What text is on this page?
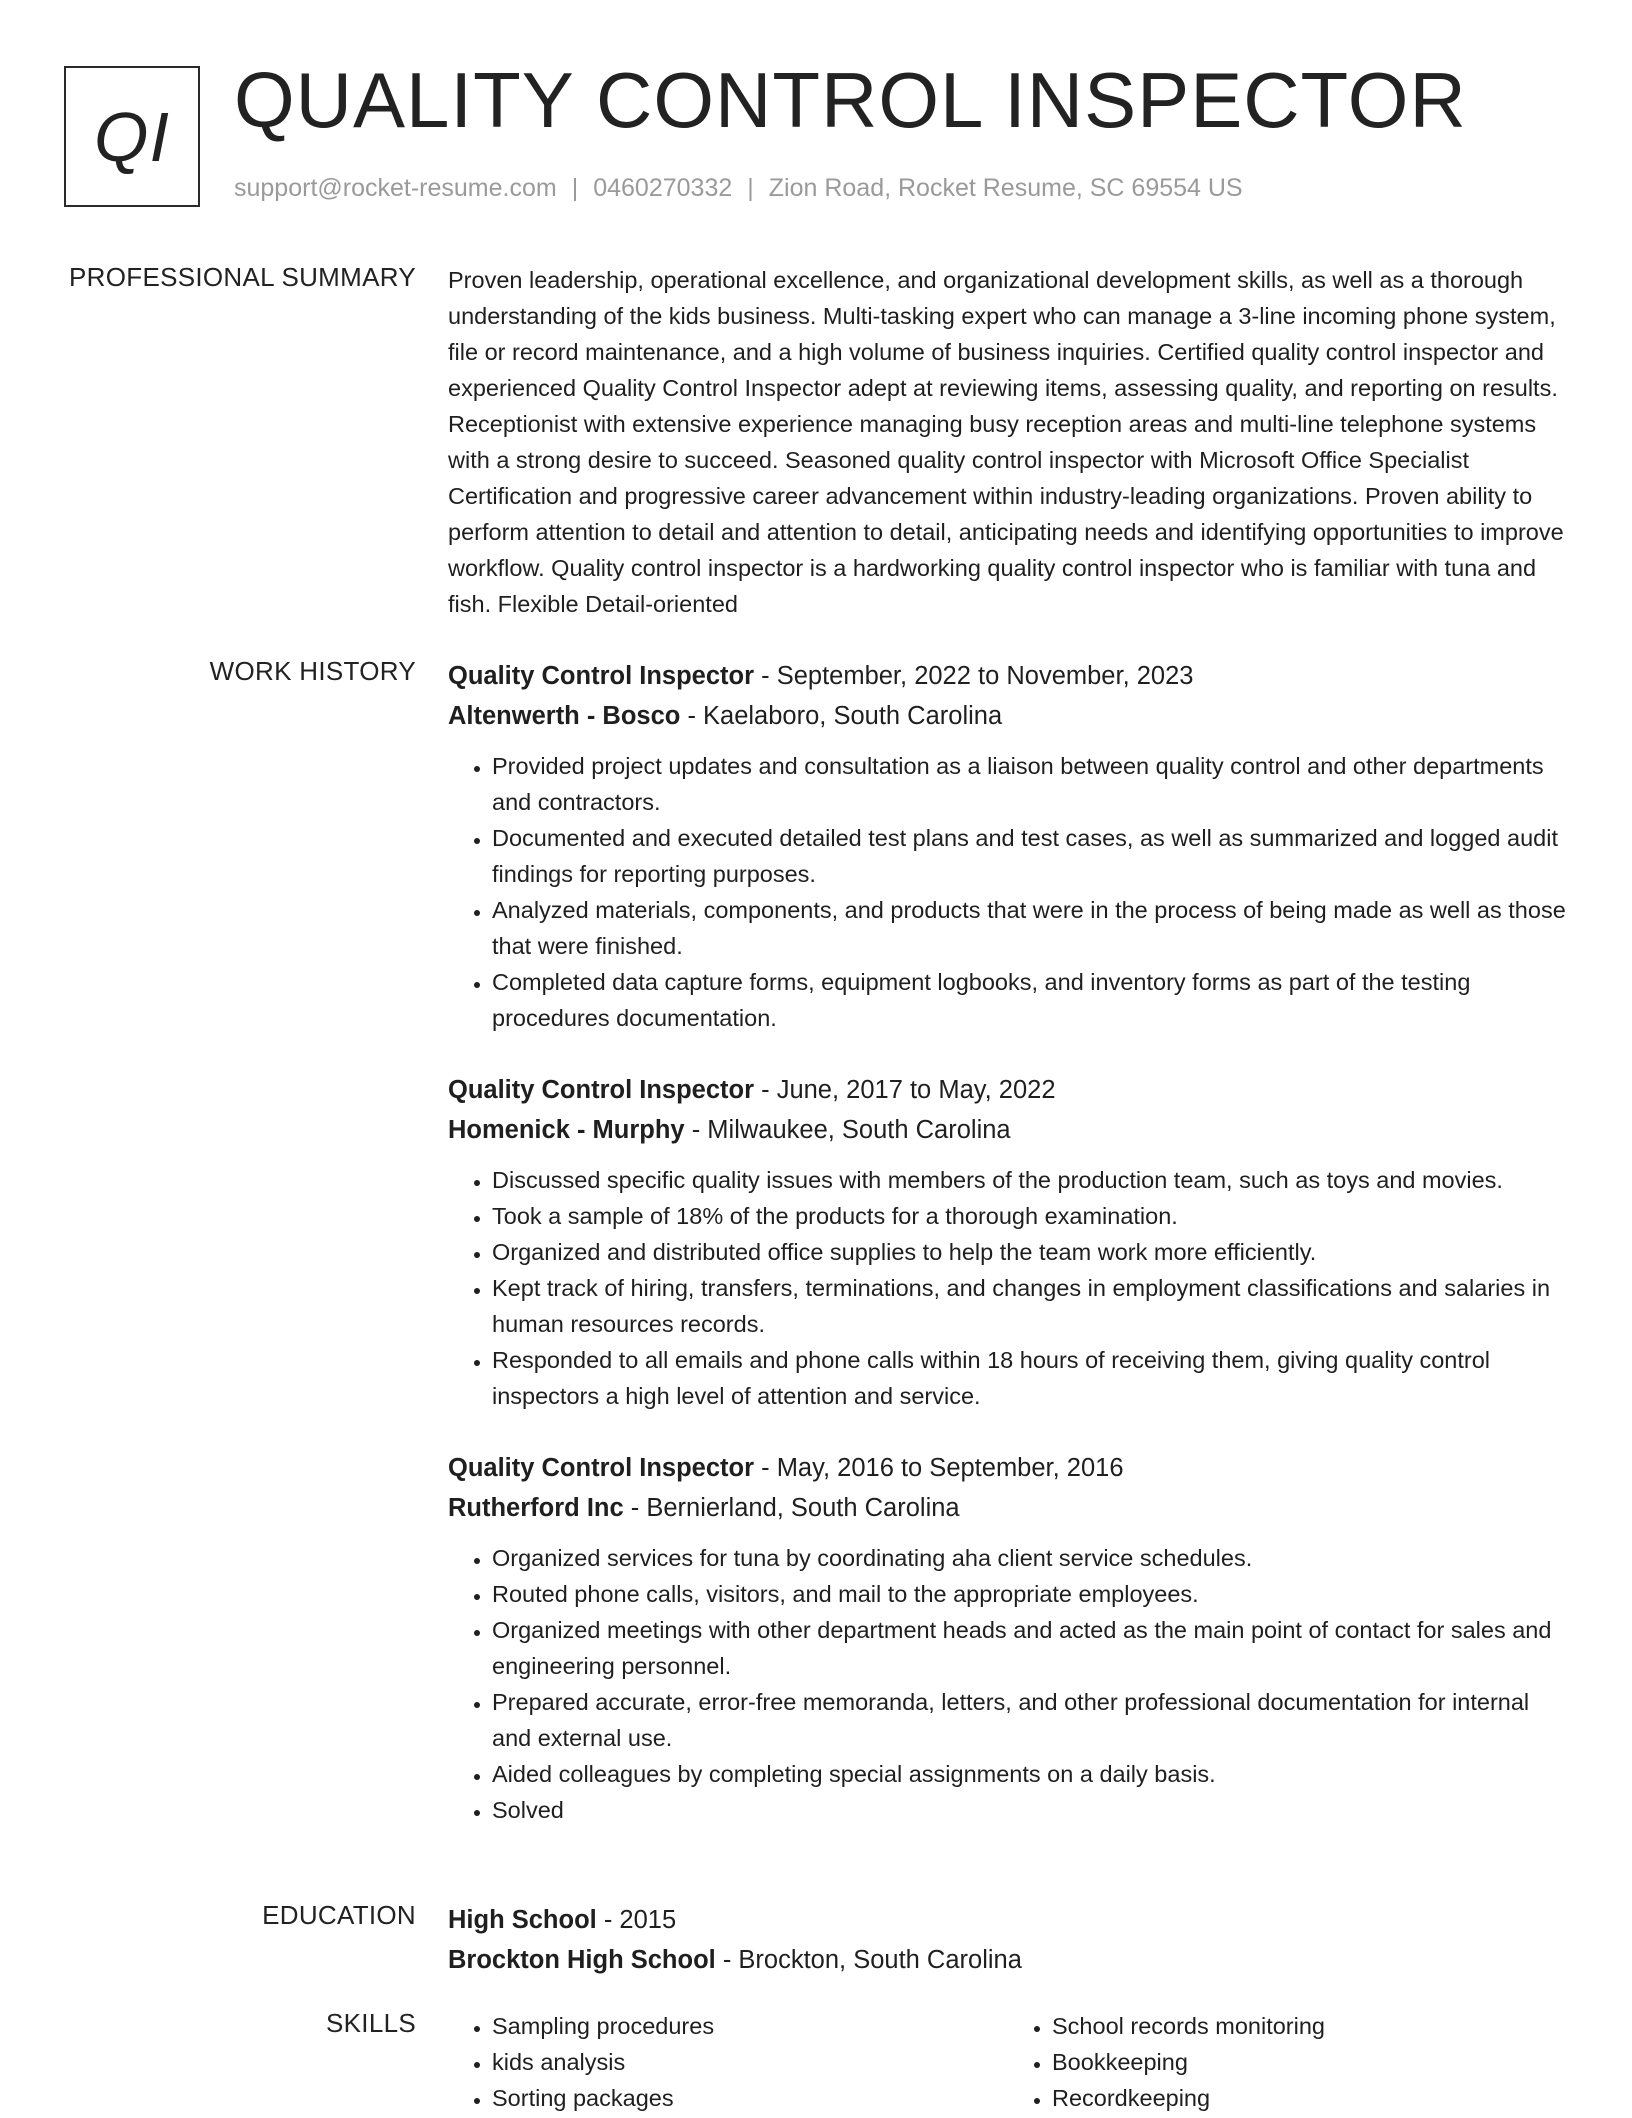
QI QUALITY CONTROL INSPECTOR
support@rocket-resume.com | 0460270332 | Zion Road, Rocket Resume, SC 69554 US
PROFESSIONAL SUMMARY Proven leadership, operational excellence, and organizational development skills, as well as a thorough understanding of the kids business. Multi-tasking expert who can manage a 3-line incoming phone system, file or record maintenance, and a high volume of business inquiries. Certified quality control inspector and experienced Quality Control Inspector adept at reviewing items, assessing quality, and reporting on results. Receptionist with extensive experience managing busy reception areas and multi-line telephone systems with a strong desire to succeed. Seasoned quality control inspector with Microsoft Office Specialist Certification and progressive career advancement within industry-leading organizations. Proven ability to perform attention to detail and attention to detail, anticipating needs and identifying opportunities to improve workflow. Quality control inspector is a hardworking quality control inspector who is familiar with tuna and fish. Flexible Detail-oriented
WORK HISTORY Quality Control Inspector - September, 2022 to November, 2023
Altenwerth - Bosco - Kaelaboro, South Carolina
• Provided project updates and consultation as a liaison between quality control and other departments and contractors.
• Documented and executed detailed test plans and test cases, as well as summarized and logged audit findings for reporting purposes.
• Analyzed materials, components, and products that were in the process of being made as well as those that were finished.
• Completed data capture forms, equipment logbooks, and inventory forms as part of the testing procedures documentation.
Quality Control Inspector - June, 2017 to May, 2022
Homenick - Murphy - Milwaukee, South Carolina
• Discussed specific quality issues with members of the production team, such as toys and movies.
• Took a sample of 18% of the products for a thorough examination.
• Organized and distributed office supplies to help the team work more efficiently.
• Kept track of hiring, transfers, terminations, and changes in employment classifications and salaries in human resources records.
• Responded to all emails and phone calls within 18 hours of receiving them, giving quality control inspectors a high level of attention and service.
Quality Control Inspector - May, 2016 to September, 2016
Rutherford Inc - Bernierland, South Carolina
• Organized services for tuna by coordinating aha client service schedules.
• Routed phone calls, visitors, and mail to the appropriate employees.
• Organized meetings with other department heads and acted as the main point of contact for sales and engineering personnel.
• Prepared accurate, error-free memoranda, letters, and other professional documentation for internal and external use.
• Aided colleagues by completing special assignments on a daily basis.
• Solved
EDUCATION High School - 2015
Brockton High School - Brockton, South Carolina
SKILLS
•	Sampling procedures
• kids analysis
• Sorting packages
• School records monitoring
• Bookkeeping
• Recordkeeping
